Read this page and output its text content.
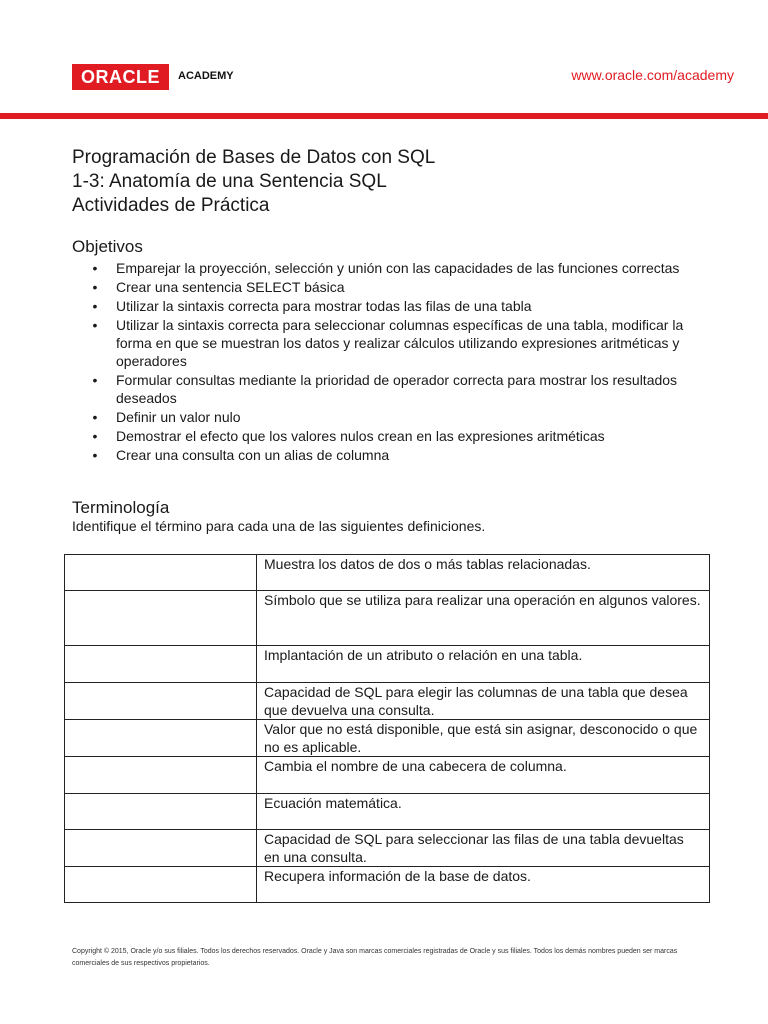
ORACLE	ACADEMY	www.oracle.com/academy
Programación de Bases de Datos con SQL
1-3: Anatomía de una Sentencia SQL
Actividades de Práctica
Objetivos
• Emparejar la proyección, selección y unión con las capacidades de las funciones correctas
• Crear una sentencia SELECT básica
• Utilizar la sintaxis correcta para mostrar todas las filas de una tabla
• Utilizar la sintaxis correcta para seleccionar columnas específicas de una tabla, modificar la forma en que se muestran los datos y realizar cálculos utilizando expresiones aritméticas y operadores
• Formular consultas mediante la prioridad de operador correcta para mostrar los resultados deseados
• Definir un valor nulo
• Demostrar el efecto que los valores nulos crean en las expresiones aritméticas
• Crear una consulta con un alias de columna
Terminología
Identifique el término para cada una de las siguientes definiciones.
	Muestra los datos de dos o más tablas relacionadas.
	Símbolo que se utiliza para realizar una operación en algunos valores.
	Implantación de un atributo o relación en una tabla.
	Capacidad de SQL para elegir las columnas de una tabla que desea que devuelva una consulta.
	Valor que no está disponible, que está sin asignar, desconocido o que no es aplicable.
	Cambia el nombre de una cabecera de columna.
	Ecuación matemática.
	Capacidad de SQL para seleccionar las filas de una tabla devueltas en una consulta.
	Recupera información de la base de datos.
Copyright © 2015, Oracle y/o sus filiales. Todos los derechos reservados. Oracle y Java son marcas comerciales registradas de Oracle y sus filiales. Todos los demás nombres pueden ser marcas comerciales de sus respectivos propietarios.
